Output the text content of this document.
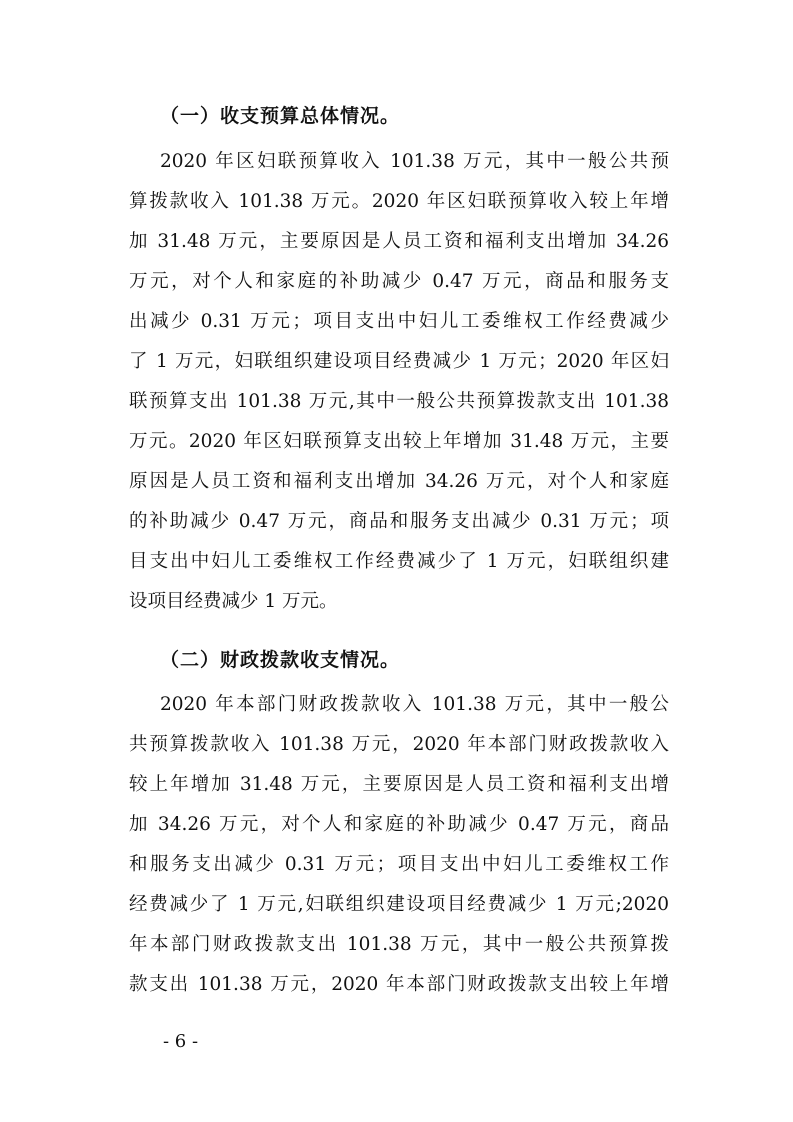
（一）收支预算总体情况。
2020 年区妇联预算收入 101.38 万元，其中一般公共预
算拨款收入 101.38 万元。2020 年区妇联预算收入较上年增
加 31.48 万元，主要原因是人员工资和福利支出增加 34.26
万元，对个人和家庭的补助减少 0.47 万元，商品和服务支
出减少 0.31 万元；项目支出中妇儿工委维权工作经费减少
了 1 万元，妇联组织建设项目经费减少 1 万元；2020 年区妇
联预算支出 101.38 万元,其中一般公共预算拨款支出 101.38
万元。2020 年区妇联预算支出较上年增加 31.48 万元，主要
原因是人员工资和福利支出增加 34.26 万元，对个人和家庭
的补助减少 0.47 万元，商品和服务支出减少 0.31 万元；项
目支出中妇儿工委维权工作经费减少了 1 万元，妇联组织建
设项目经费减少 1 万元。
（二）财政拨款收支情况。
2020 年本部门财政拨款收入 101.38 万元，其中一般公
共预算拨款收入 101.38 万元，2020 年本部门财政拨款收入
较上年增加 31.48 万元，主要原因是人员工资和福利支出增
加 34.26 万元，对个人和家庭的补助减少 0.47 万元，商品
和服务支出减少 0.31 万元；项目支出中妇儿工委维权工作
经费减少了 1 万元,妇联组织建设项目经费减少 1 万元;2020
年本部门财政拨款支出 101.38 万元，其中一般公共预算拨
款支出 101.38 万元，2020 年本部门财政拨款支出较上年增
- 6 -
